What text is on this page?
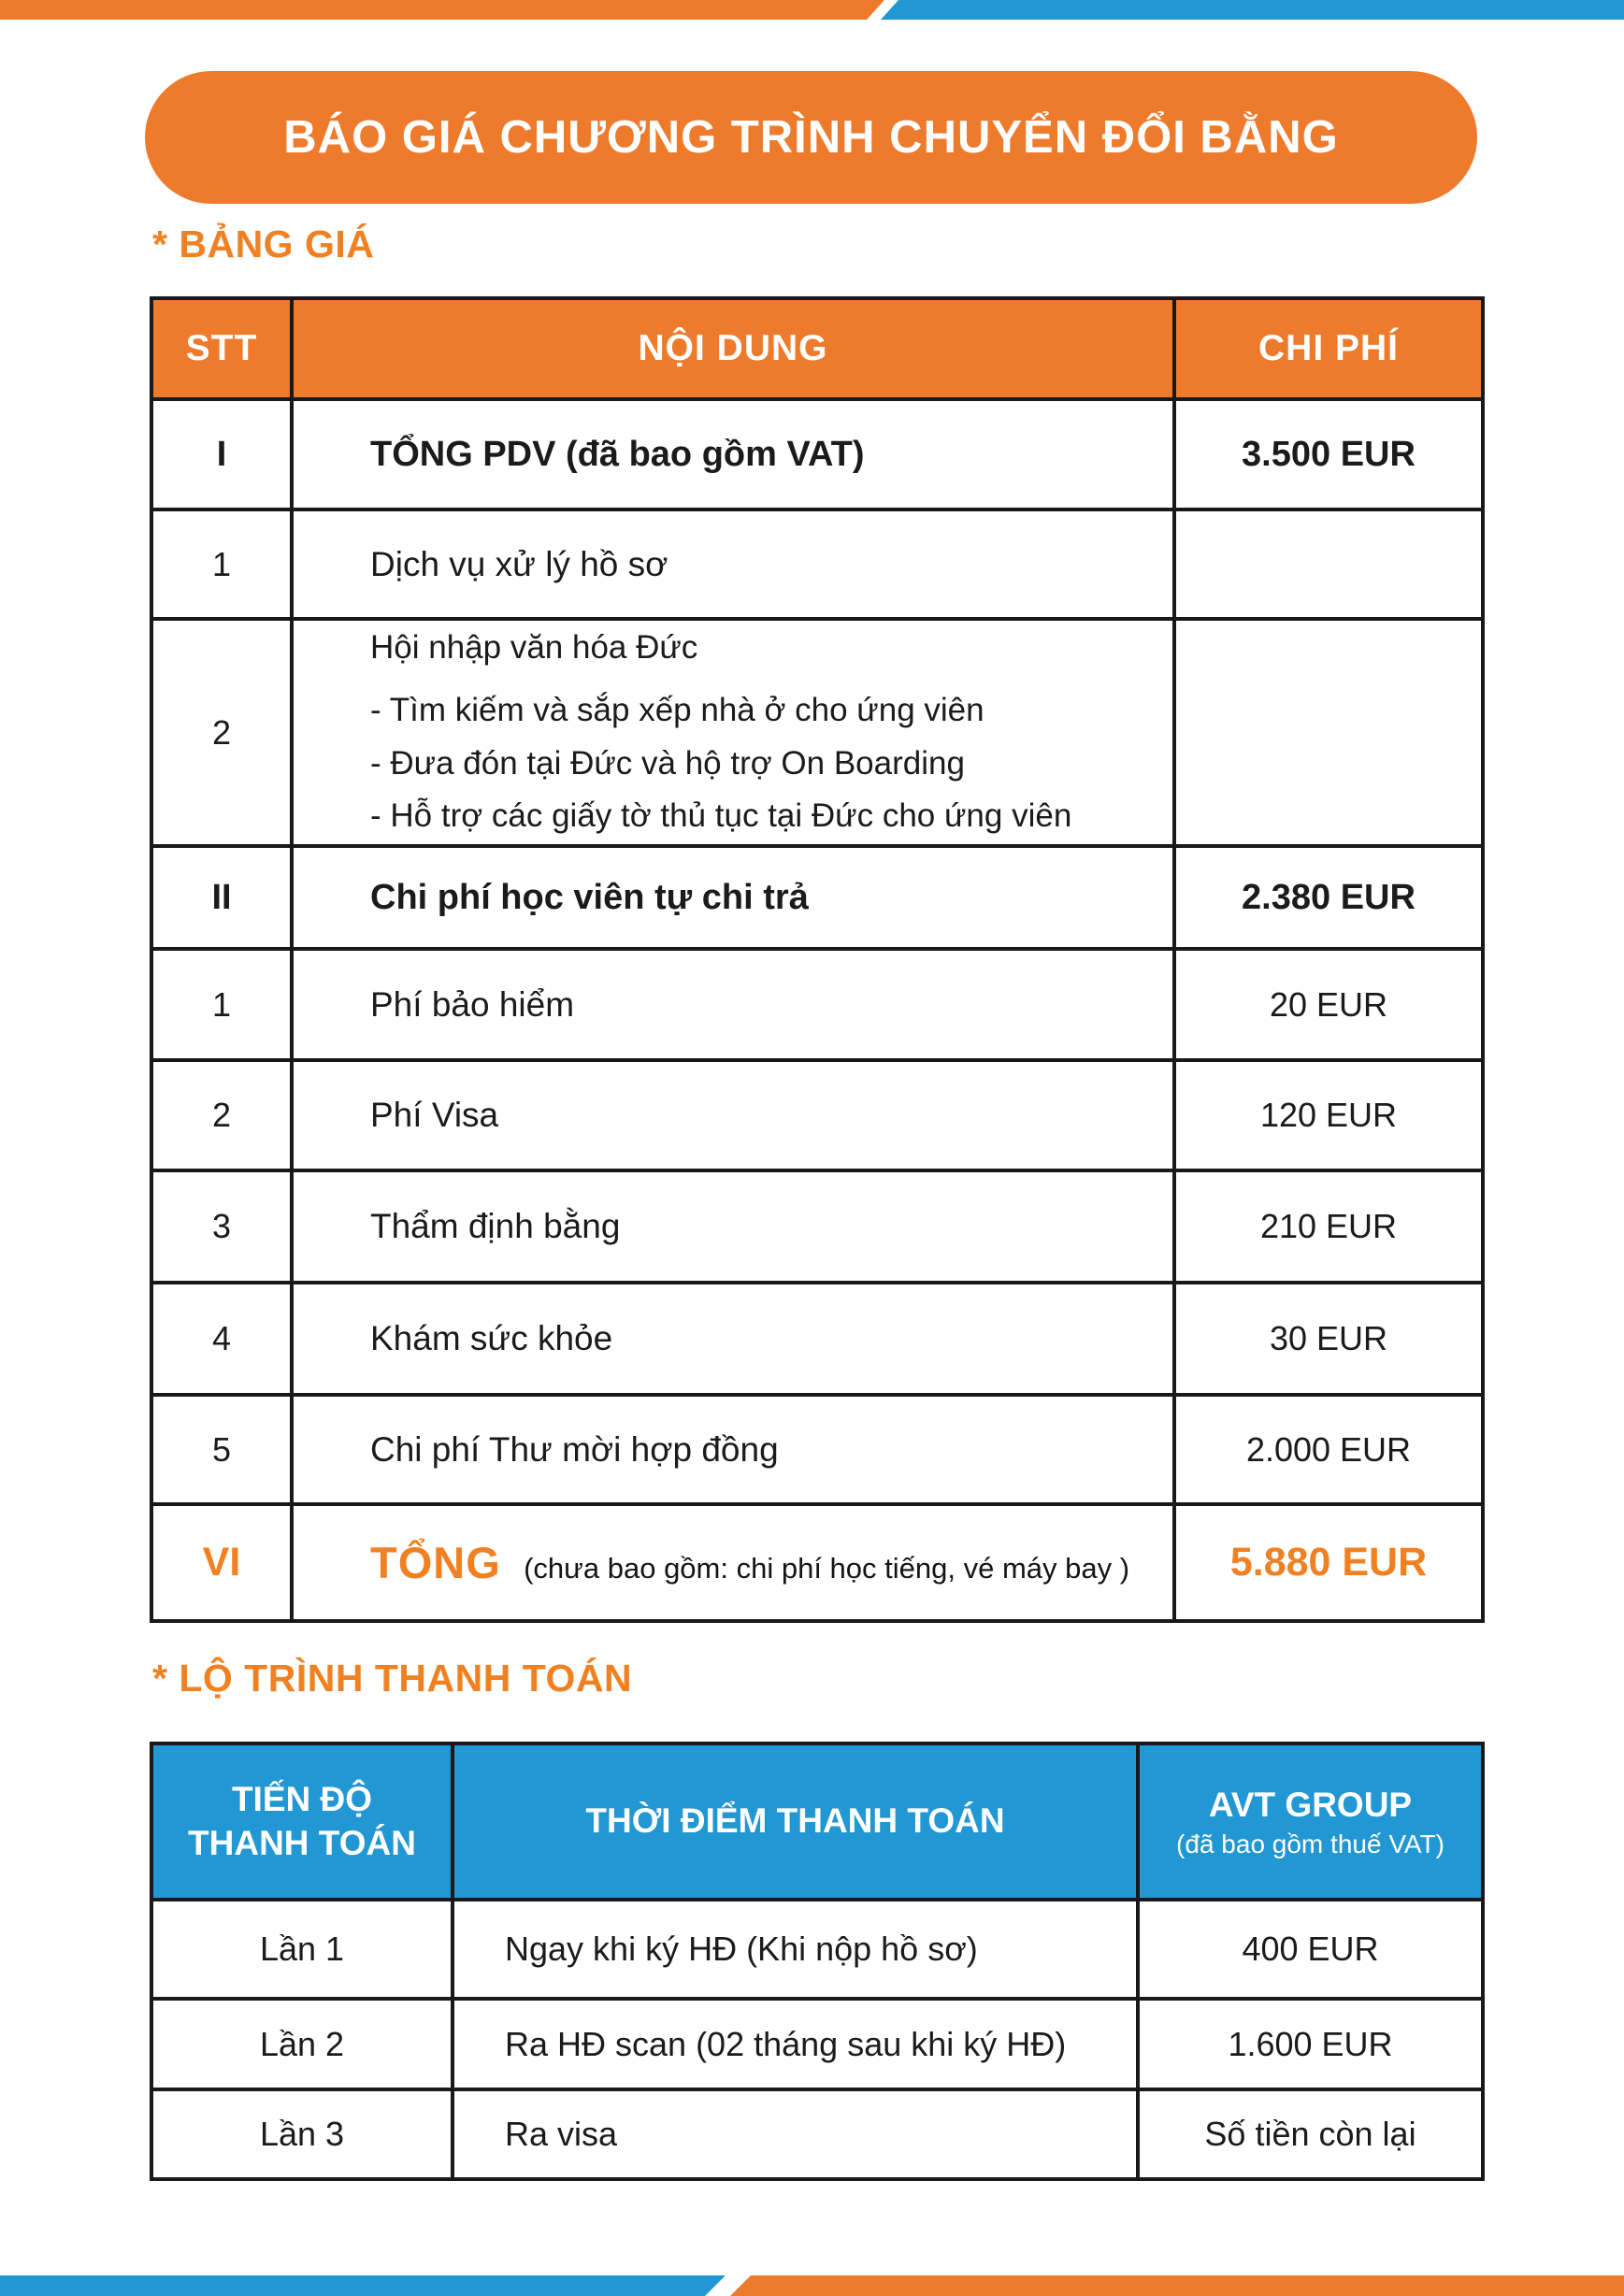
BÁO GIÁ CHƯƠNG TRÌNH CHUYỂN ĐỔI BẰNG
* BẢNG GIÁ
STT	NỘI DUNG	CHI PHÍ
I	TỔNG PDV (đã bao gồm VAT)	3.500 EUR
1	Dịch vụ xử lý hồ sơ	
2	Hội nhập văn hóa Đức
- Tìm kiếm và sắp xếp nhà ở cho ứng viên
- Đưa đón tại Đức và hộ trợ On Boarding
- Hỗ trợ các giấy tờ thủ tục tại Đức cho ứng viên	

II	Chi phí học viên tự chi trả	2.380 EUR
1	Phí bảo hiểm	20 EUR
2	Phí Visa	120 EUR
3	Thẩm định bằng	210 EUR
4	Khám sức khỏe	30 EUR
5	Chi phí Thư mời hợp đồng	2.000 EUR
VI	TỔNG (chưa bao gồm: chi phí học tiếng, vé máy bay )	5.880 EUR
* LỘ TRÌNH THANH TOÁN
TIẾN ĐỘ
THANH TOÁN	THỜI ĐIỂM THANH TOÁN	AVT GROUP
(đã bao gồm thuế VAT)

Lần 1	Ngay khi ký HĐ (Khi nộp hồ sơ)	400 EUR
Lần 2	Ra HĐ scan (02 tháng sau khi ký HĐ)	1.600 EUR
Lần 3	Ra visa	Số tiền còn lại
